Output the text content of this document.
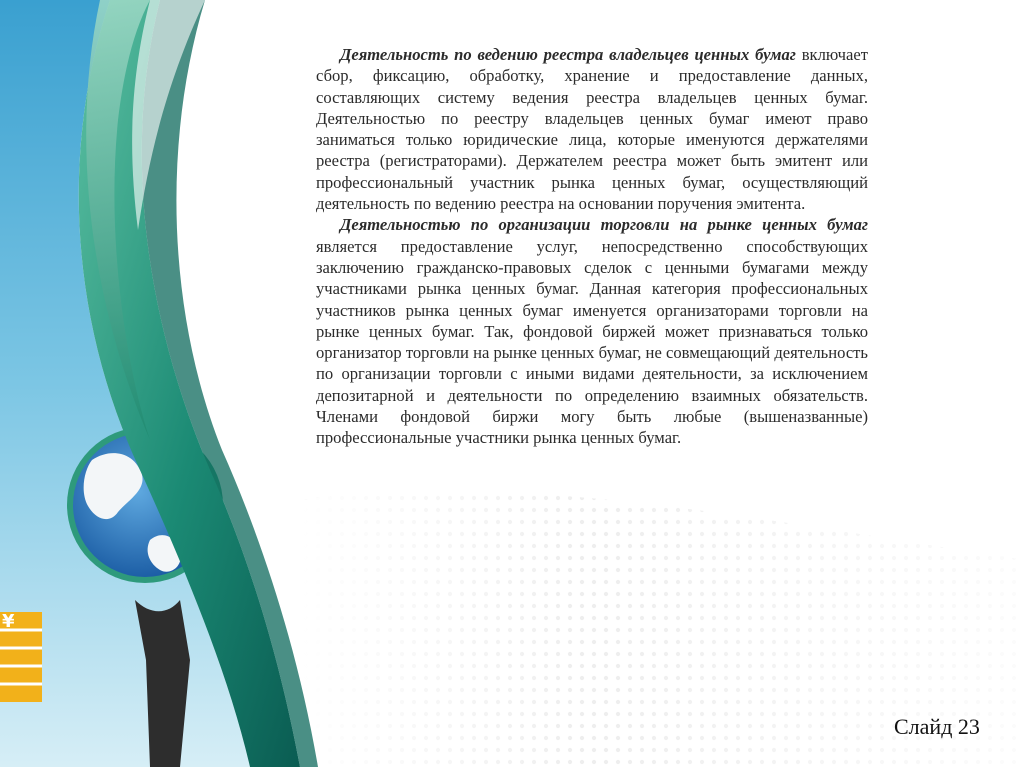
¥

Деятельность по ведению реестра владельцев ценных бумаг включает сбор, фиксацию, обработку, хранение и предоставление данных, составляющих систему ведения реестра владельцев ценных бумаг. Деятельностью по реестру владельцев ценных бумаг имеют право заниматься только юридические лица, которые именуются держателями реестра (регистраторами). Держателем реестра может быть эмитент или профессиональный участник рынка ценных бумаг, осуществляющий деятельность по ведению реестра на основании поручения эмитента.

Деятельностью по организации торговли на рынке ценных бумаг является предоставление услуг, непосредственно способствующих заключению гражданско-правовых сделок с ценными бумагами между участниками рынка ценных бумаг. Данная категория профессиональных участников рынка ценных бумаг именуется организаторами торговли на рынке ценных бумаг. Так, фондовой биржей может признаваться только организатор торговли на рынке ценных бумаг, не совмещающий деятельность по организации торговли с иными видами деятельности, за исключением депозитарной и деятельности по определению взаимных обязательств. Членами фондовой биржи могу быть любые (вышеназванные) профессиональные участники рынка ценных бумаг.

Слайд 23
